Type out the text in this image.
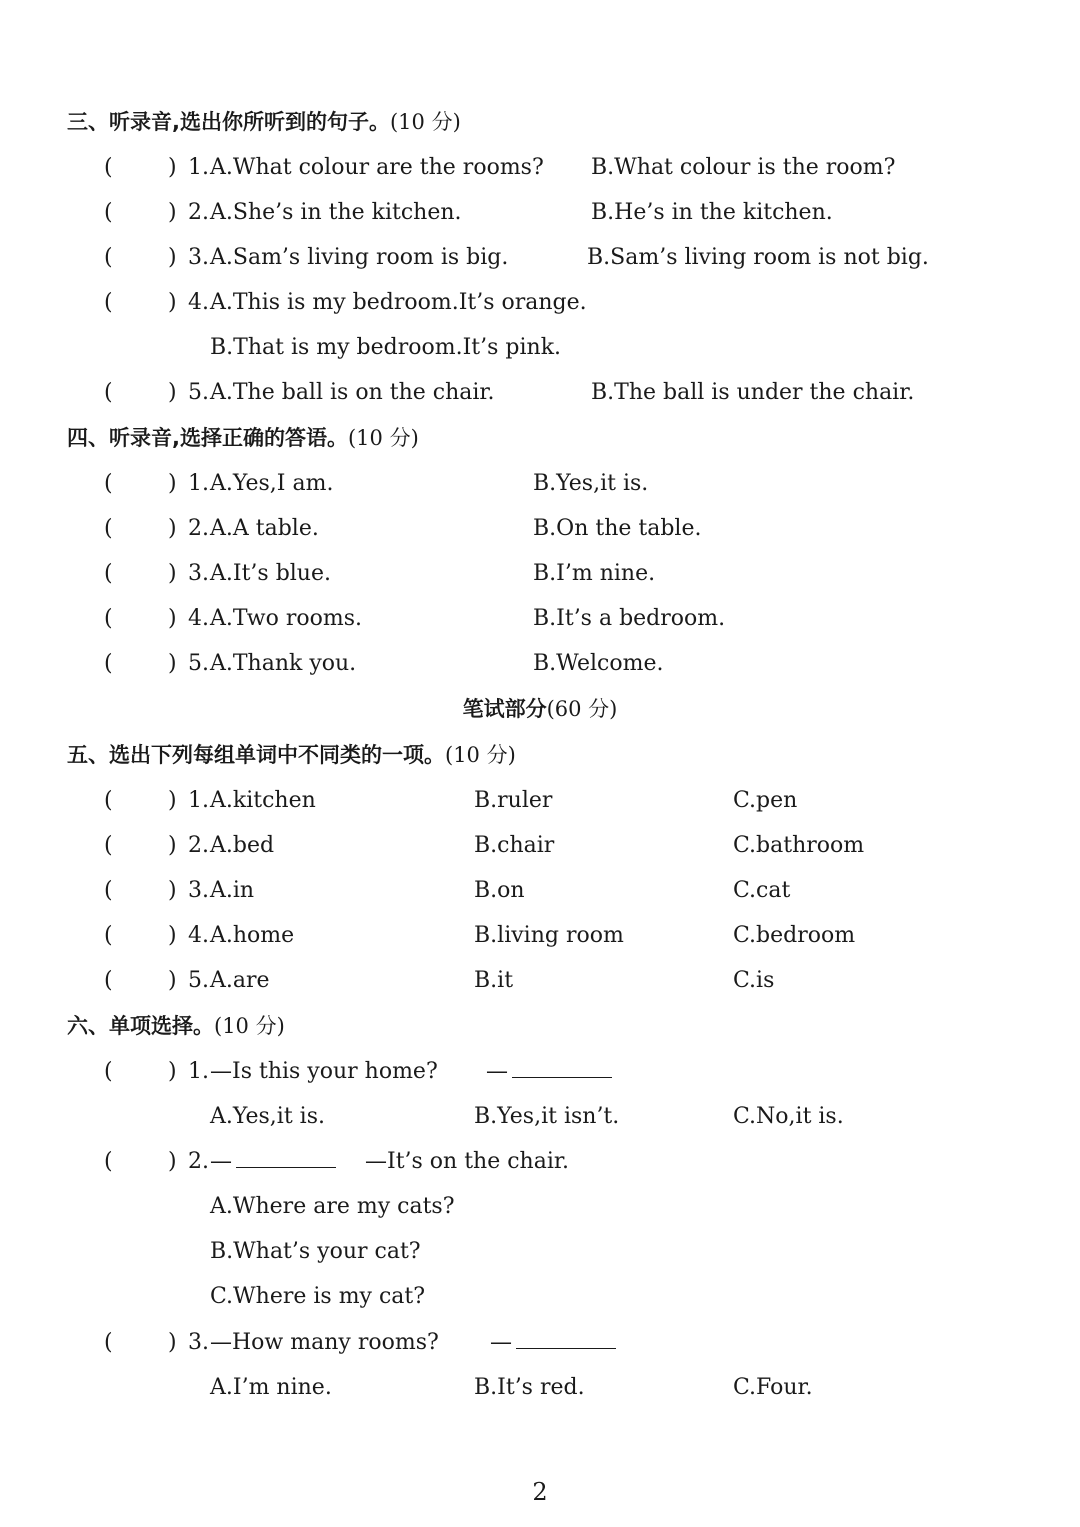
三、听录音,选出你所听到的句子。(10 分)
(	) 1. A.What colour are the rooms? B.What colour is the room?
(	) 2. A.She’s in the kitchen.	B.He’s in the kitchen.
(	) 3. A.Sam’s living room is big.	B.Sam’s living room is not big.
(	) 4. A.This is my bedroom.It’s orange.
B.That is my bedroom.It’s pink.
(	) 5. A.The ball is on the chair.	B.The ball is under the chair.
四、听录音,选择正确的答语。(10 分)
(	) 1. A.Yes,I am.	B.Yes,it is.
(	) 2. A.A table.	B.On the table.
(	) 3. A.It’s blue.	B.I’m nine.
(	) 4. A.Two rooms.	B.It’s a bedroom.
(	) 5. A.Thank you.	B.Welcome.
笔试部分(60 分)
五、选出下列每组单词中不同类的一项。(10 分)
(	) 1. A.kitchen	B.ruler	C.pen
(	) 2. A.bed	B.chair	C.bathroom
(	) 3. A.in	B.on	C.cat
(	) 4. A.home	B.living room	C.bedroom
(	) 5. A.are	B.it	C.is
六、单项选择。(10 分)
(	) 1. —Is this your home? —
A.Yes,it is.	B.Yes,it isn’t.	C.No,it is.
(	) 2. —	—It’s on the chair.
A.Where are my cats?
B.What’s your cat?
C.Where is my cat?
(	) 3. —How many rooms? —
A.I’m nine.	B.It’s red.	C.Four.
2
